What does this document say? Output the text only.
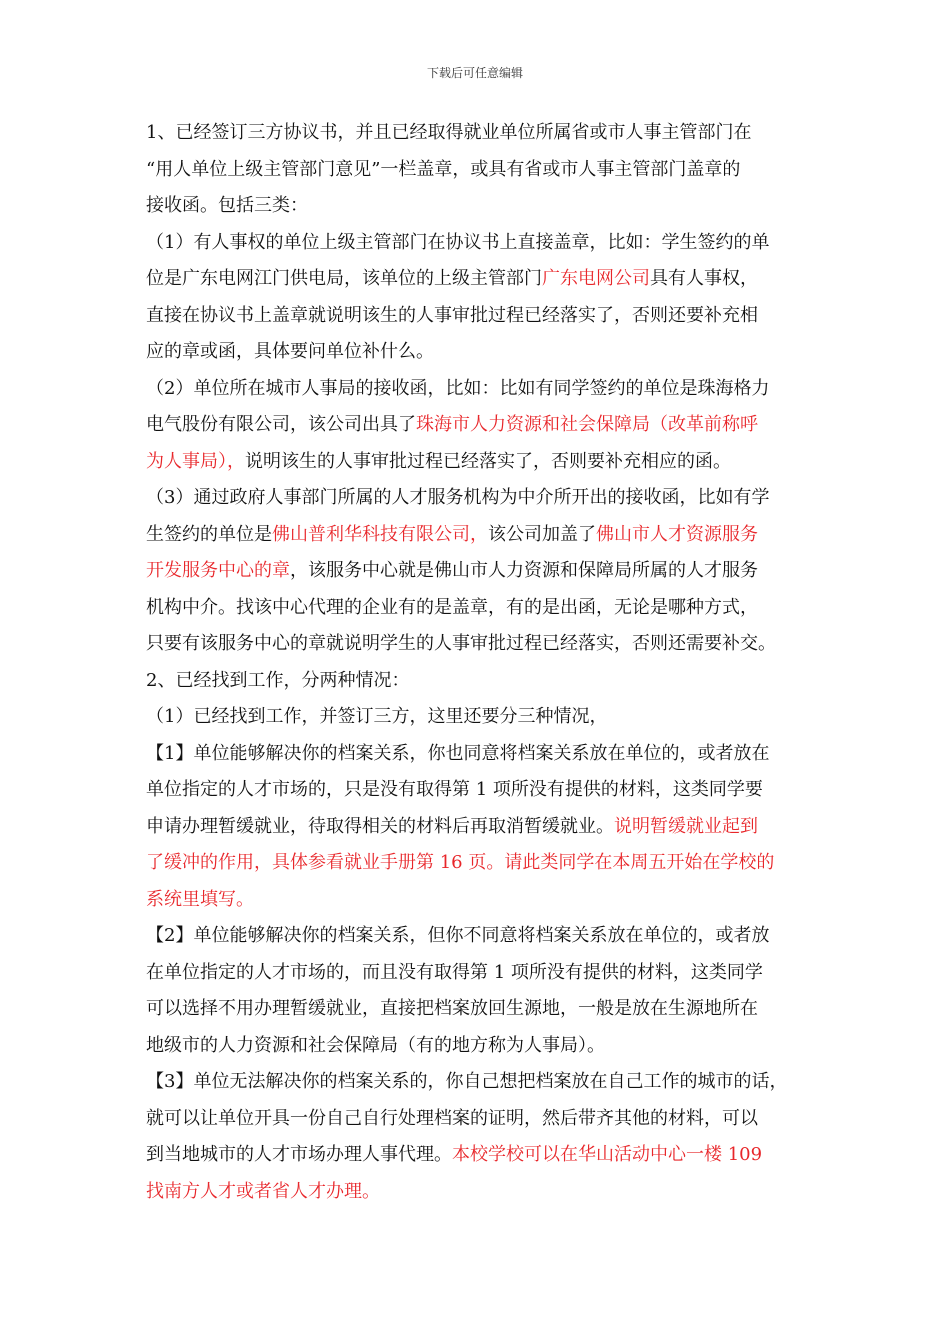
下载后可任意编辑
1、已经签订三方协议书，并且已经取得就业单位所属省或市人事主管部门在
“用人单位上级主管部门意见”一栏盖章，或具有省或市人事主管部门盖章的
接收函。包括三类：
（1）有人事权的单位上级主管部门在协议书上直接盖章，比如：学生签约的单
位是广东电网江门供电局，该单位的上级主管部门广东电网公司具有人事权，
直接在协议书上盖章就说明该生的人事审批过程已经落实了，否则还要补充相
应的章或函，具体要问单位补什么。
（2）单位所在城市人事局的接收函，比如：比如有同学签约的单位是珠海格力
电气股份有限公司，该公司出具了珠海市人力资源和社会保障局（改革前称呼
为人事局），说明该生的人事审批过程已经落实了，否则要补充相应的函。
（3）通过政府人事部门所属的人才服务机构为中介所开出的接收函，比如有学
生签约的单位是佛山普利华科技有限公司，该公司加盖了佛山市人才资源服务
开发服务中心的章，该服务中心就是佛山市人力资源和保障局所属的人才服务
机构中介。找该中心代理的企业有的是盖章，有的是出函，无论是哪种方式，
只要有该服务中心的章就说明学生的人事审批过程已经落实，否则还需要补交。
2、已经找到工作，分两种情况：
（1）已经找到工作，并签订三方，这里还要分三种情况，
【1】单位能够解决你的档案关系，你也同意将档案关系放在单位的，或者放在
单位指定的人才市场的，只是没有取得第 1 项所没有提供的材料，这类同学要
申请办理暂缓就业，待取得相关的材料后再取消暂缓就业。说明暂缓就业起到
了缓冲的作用，具体参看就业手册第 16 页。请此类同学在本周五开始在学校的
系统里填写。
【2】单位能够解决你的档案关系，但你不同意将档案关系放在单位的，或者放
在单位指定的人才市场的，而且没有取得第 1 项所没有提供的材料，这类同学
可以选择不用办理暂缓就业，直接把档案放回生源地，一般是放在生源地所在
地级市的人力资源和社会保障局（有的地方称为人事局）。
【3】单位无法解决你的档案关系的，你自己想把档案放在自己工作的城市的话，
就可以让单位开具一份自己自行处理档案的证明，然后带齐其他的材料，可以
到当地城市的人才市场办理人事代理。本校学校可以在华山活动中心一楼 109
找南方人才或者省人才办理。
